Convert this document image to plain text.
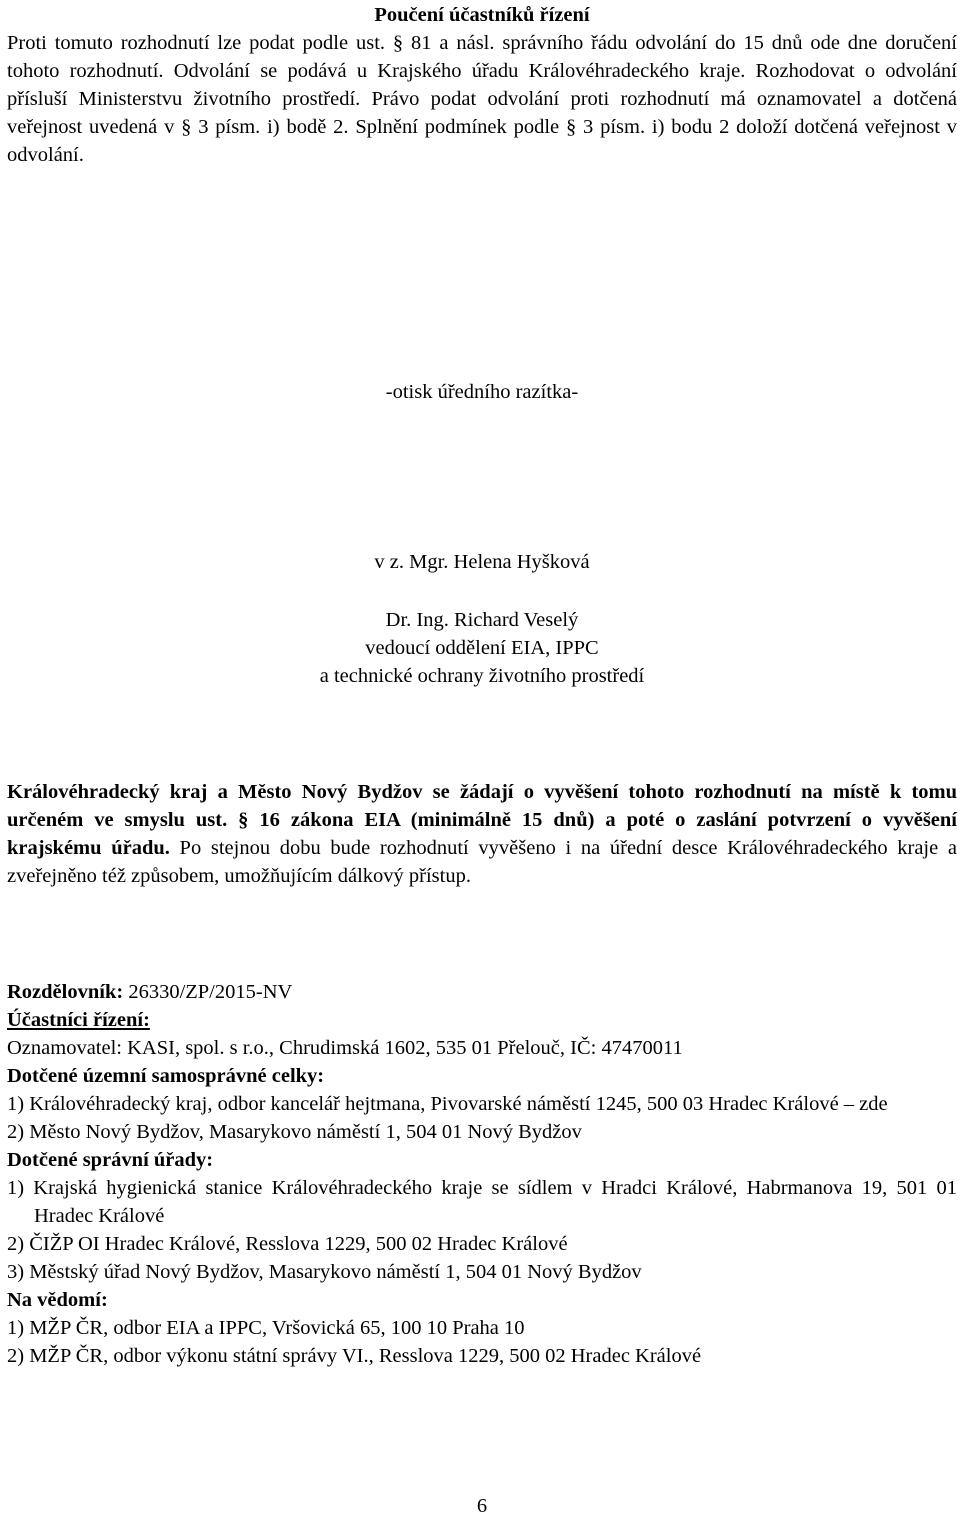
Poučení účastníků řízení

Proti tomuto rozhodnutí lze podat podle ust. § 81 a násl. správního řádu odvolání do 15 dnů ode dne doručení tohoto rozhodnutí. Odvolání se podává u Krajského úřadu Královéhradeckého kraje. Rozhodovat o odvolání přísluší Ministerstvu životního prostředí. Právo podat odvolání proti rozhodnutí má oznamovatel a dotčená veřejnost uvedená v § 3 písm. i) bodě 2. Splnění podmínek podle § 3 písm. i) bodu 2 doloží dotčená veřejnost v odvolání.

-otisk úředního razítka-

v z. Mgr. Helena Hyšková

Dr. Ing. Richard Veselý

vedoucí oddělení EIA, IPPC

a technické ochrany životního prostředí

Královéhradecký kraj a Město Nový Bydžov se žádají o vyvěšení tohoto rozhodnutí na místě k tomu určeném ve smyslu ust. § 16 zákona EIA (minimálně 15 dnů) a poté o zaslání potvrzení o vyvěšení krajskému úřadu. Po stejnou dobu bude rozhodnutí vyvěšeno i na úřední desce Královéhradeckého kraje a zveřejněno též způsobem, umožňujícím dálkový přístup.

Rozdělovník: 26330/ZP/2015-NV

Účastníci řízení:

Oznamovatel: KASI, spol. s r.o., Chrudimská 1602, 535 01 Přelouč, IČ: 47470011

Dotčené územní samosprávné celky:

1) Královéhradecký kraj, odbor kancelář hejtmana, Pivovarské náměstí 1245, 500 03 Hradec Králové – zde

2) Město Nový Bydžov, Masarykovo náměstí 1, 504 01 Nový Bydžov

Dotčené správní úřady:

1) Krajská hygienická stanice Královéhradeckého kraje se sídlem v Hradci Králové, Habrmanova 19, 501 01 Hradec Králové

2) ČIŽP OI Hradec Králové, Resslova 1229, 500 02 Hradec Králové

3) Městský úřad Nový Bydžov, Masarykovo náměstí 1, 504 01 Nový Bydžov

Na vědomí:

1) MŽP ČR, odbor EIA a IPPC, Vršovická 65, 100 10 Praha 10

2) MŽP ČR, odbor výkonu státní správy VI., Resslova 1229, 500 02 Hradec Králové

6
